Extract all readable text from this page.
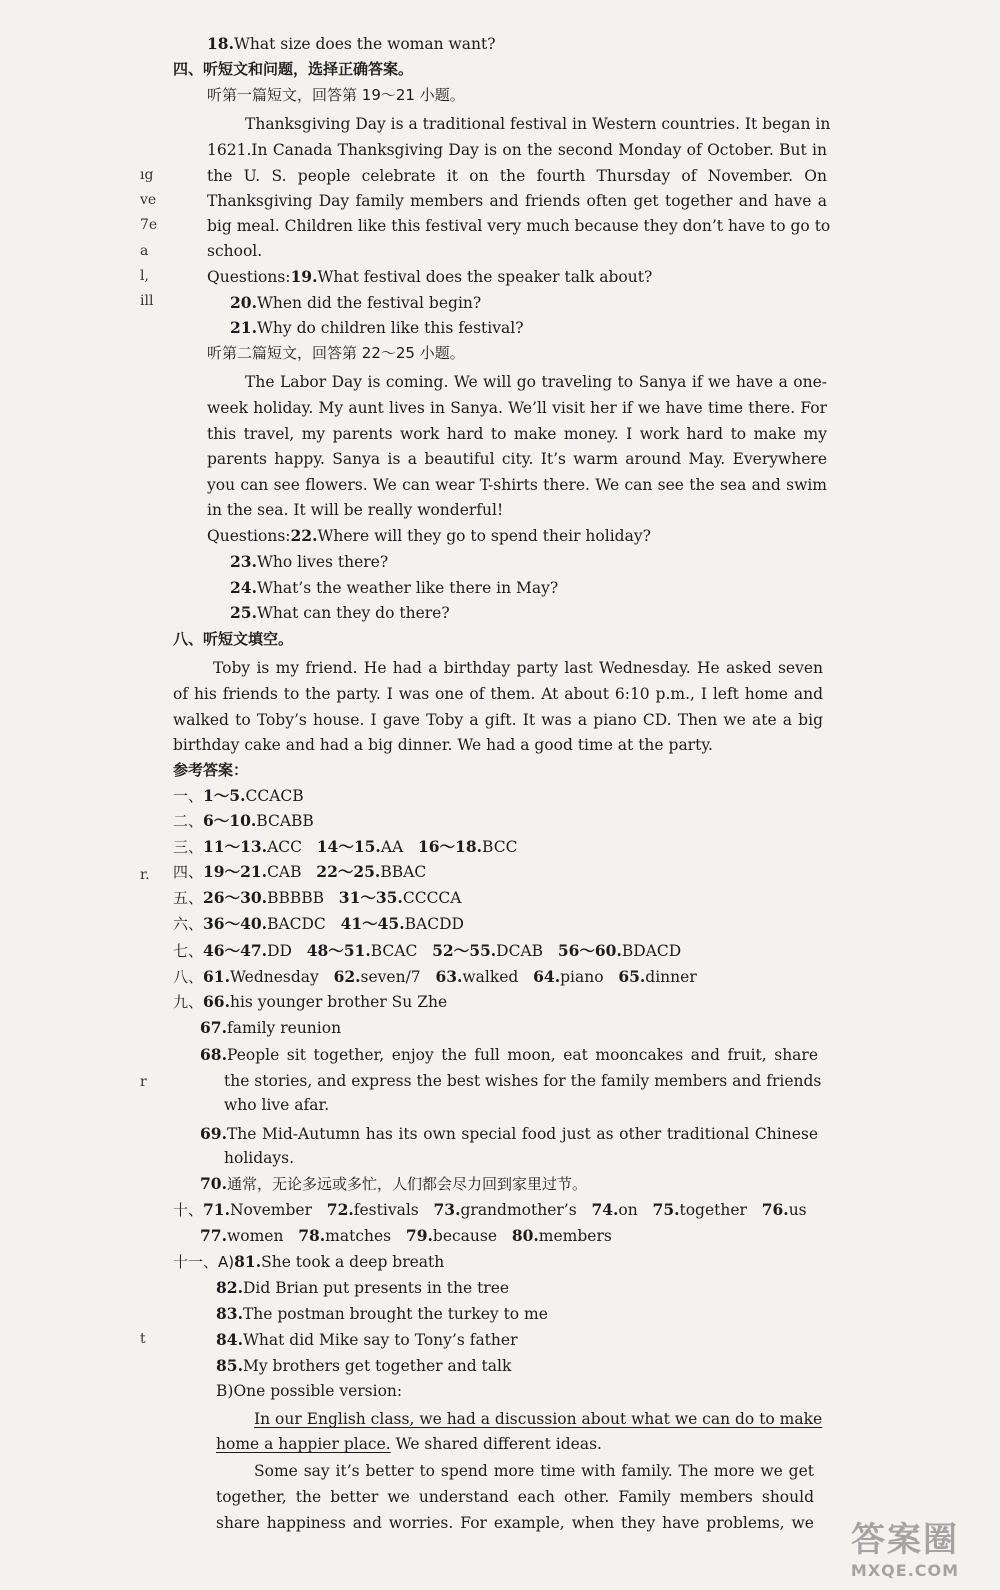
ıg
ve
7e
a
l,
ill
r.
r
t
18.What size does the woman want?
四、听短文和问题，选择正确答案。
听第一篇短文，回答第 19～21 小题。
Thanksgiving Day is a traditional festival in Western countries. It began in
1621.In Canada Thanksgiving Day is on the second Monday of October. But in
the U. S. people celebrate it on the fourth Thursday of November. On
Thanksgiving Day family members and friends often get together and have a
big meal. Children like this festival very much because they don’t have to go to
school.
Questions:19.What festival does the speaker talk about?
20.When did the festival begin?
21.Why do children like this festival?
听第二篇短文，回答第 22～25 小题。
The Labor Day is coming. We will go traveling to Sanya if we have a one-
week holiday. My aunt lives in Sanya. We’ll visit her if we have time there. For
this travel, my parents work hard to make money. I work hard to make my
parents happy. Sanya is a beautiful city. It’s warm around May. Everywhere
you can see flowers. We can wear T-shirts there. We can see the sea and swim
in the sea. It will be really wonderful!
Questions:22.Where will they go to spend their holiday?
23.Who lives there?
24.What’s the weather like there in May?
25.What can they do there?
八、听短文填空。
Toby is my friend. He had a birthday party last Wednesday. He asked seven
of his friends to the party. I was one of them. At about 6:10 p.m., I left home and
walked to Toby’s house. I gave Toby a gift. It was a piano CD. Then we ate a big
birthday cake and had a big dinner. We had a good time at the party.
参考答案：
一、1～5.CCACB
二、6～10.BCABB
三、11～13.ACC 14～15.AA 16～18.BCC
四、19～21.CAB 22～25.BBAC
五、26～30.BBBBB 31～35.CCCCA
六、36～40.BACDC 41～45.BACDD
七、46～47.DD 48～51.BCAC 52～55.DCAB 56～60.BDACD
八、61.Wednesday 62.seven/7 63.walked 64.piano 65.dinner
九、66.his younger brother Su Zhe
67.family reunion
68.People sit together, enjoy the full moon, eat mooncakes and fruit, share
the stories, and express the best wishes for the family members and friends
who live afar.
69.The Mid-Autumn has its own special food just as other traditional Chinese
holidays.
70.通常，无论多远或多忙，人们都会尽力回到家里过节。
十、71.November 72.festivals 73.grandmother’s 74.on 75.together 76.us
77.women 78.matches 79.because 80.members
十一、A)81.She took a deep breath
82.Did Brian put presents in the tree
83.The postman brought the turkey to me
84.What did Mike say to Tony’s father
85.My brothers get together and talk
B)One possible version:
In our English class, we had a discussion about what we can do to make
home a happier place. We shared different ideas.
Some say it’s better to spend more time with family. The more we get
together, the better we understand each other. Family members should
share happiness and worries. For example, when they have problems, we 答案圈
MXQE.COM
